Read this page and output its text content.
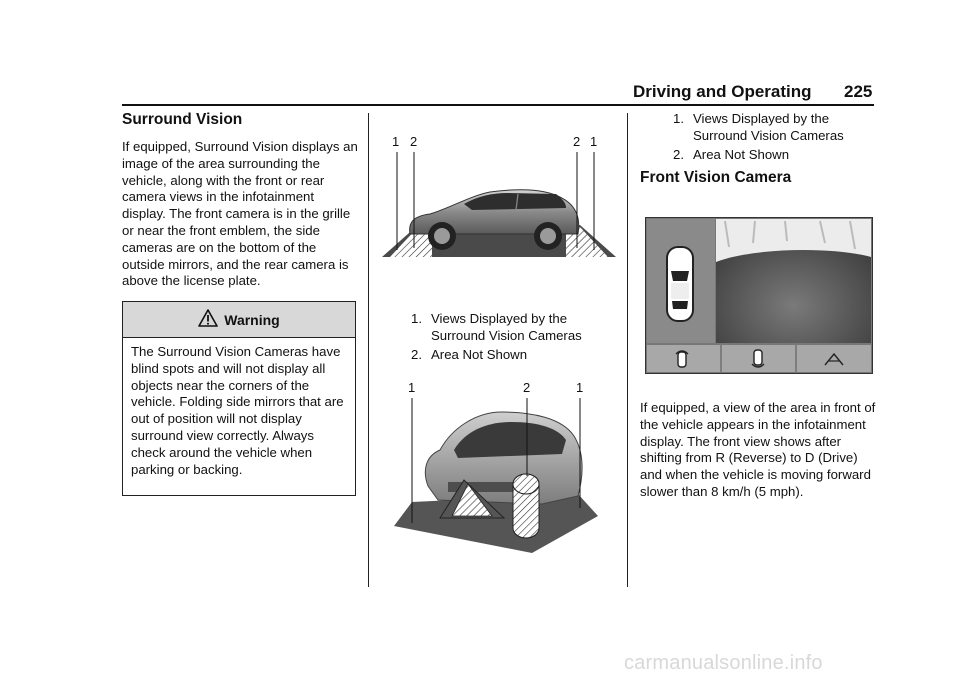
Driving and Operating 225
Surround Vision
If equipped, Surround Vision displays an image of the area surrounding the vehicle, along with the front or rear camera views in the infotainment display. The front camera is in the grille or near the front emblem, the side cameras are on the bottom of the outside mirrors, and the rear camera is above the license plate.
Warning
The Surround Vision Cameras have blind spots and will not display all objects near the corners of the vehicle. Folding side mirrors that are out of position will not display surround view correctly. Always check around the vehicle when parking or backing.
1 2	2 1
1. Views Displayed by the Surround Vision Cameras
2. Area Not Shown
1	2	1
1. Views Displayed by the Surround Vision Cameras
2. Area Not Shown
Front Vision Camera
If equipped, a view of the area in front of the vehicle appears in the infotainment display. The front view shows after shifting from R (Reverse) to D (Drive) and when the vehicle is moving forward slower than 8 km/h (5 mph).
carmanualsonline.info
